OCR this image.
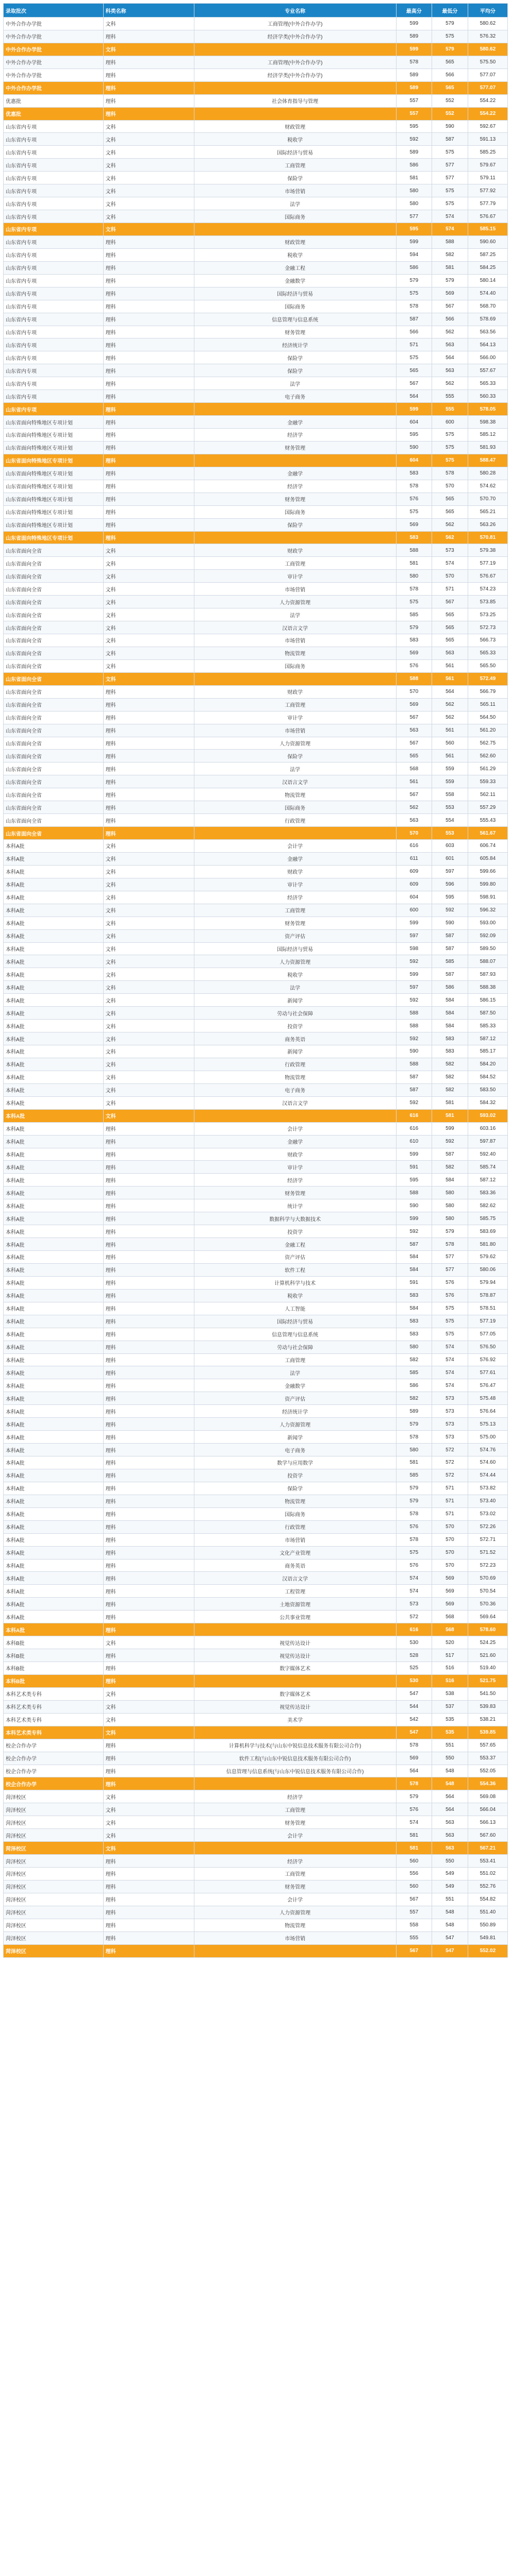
录取批次	科类名称	专业名称	最高分	最低分	平均分
中外合作办学批	文科	工商管理(中外合作办学)	599	579	580.62
中外合作办学批	理科	经济学类(中外合作办学)	589	575	576.32
中外合作办学批	文科		599	579	580.62
中外合作办学批	理科	工商管理(中外合作办学)	578	565	575.50
中外合作办学批	理科	经济学类(中外合作办学)	589	566	577.07
中外合作办学批	理科		589	565	577.07
优惠批	理科	社会体育指导与管理	557	552	554.22
优惠批	理科		557	552	554.22
山东省内专项	文科	财政管理	595	590	592.67
山东省内专项	文科	税收学	592	587	591.13
山东省内专项	文科	国际经济与贸易	589	575	585.25
山东省内专项	文科	工商管理	586	577	579.67
山东省内专项	文科	保险学	581	577	579.11
山东省内专项	文科	市场营销	580	575	577.92
山东省内专项	文科	法学	580	575	577.79
山东省内专项	文科	国际商务	577	574	576.67
山东省内专项	文科		595	574	585.15
山东省内专项	理科	财政管理	599	588	590.60
山东省内专项	理科	税收学	594	582	587.25
山东省内专项	理科	金融工程	586	581	584.25
山东省内专项	理科	金融数学	579	579	580.14
山东省内专项	理科	国际经济与贸易	575	569	574.40
山东省内专项	理科	国际商务	578	567	568.70
山东省内专项	理科	信息管理与信息系统	587	566	578.69
山东省内专项	理科	财务管理	566	562	563.56
山东省内专项	理科	经济统计学	571	563	564.13
山东省内专项	理科	保险学	575	564	566.00
山东省内专项	理科	保险学	565	563	557.67
山东省内专项	理科	法学	567	562	565.33
山东省内专项	理科	电子商务	564	555	560.33
山东省内专项	理科		599	555	578.05
山东省面向特殊地区专项计划	理科	金融学	604	600	598.38
山东省面向特殊地区专项计划	理科	经济学	595	575	585.12
山东省面向特殊地区专项计划	理科	财务管理	590	575	581.93
山东省面向特殊地区专项计划	理科		604	575	588.47
山东省面向特殊地区专项计划	理科	金融学	583	578	580.28
山东省面向特殊地区专项计划	理科	经济学	578	570	574.62
山东省面向特殊地区专项计划	理科	财务管理	576	565	570.70
山东省面向特殊地区专项计划	理科	国际商务	575	565	565.21
山东省面向特殊地区专项计划	理科	保险学	569	562	563.26
山东省面向特殊地区专项计划	理科		583	562	570.81
山东省面向全省	文科	财政学	588	573	579.38
山东省面向全省	文科	工商管理	581	574	577.19
山东省面向全省	文科	审计学	580	570	576.67
山东省面向全省	文科	市场营销	578	571	574.23
山东省面向全省	文科	人力资源管理	575	567	573.85
山东省面向全省	文科	法学	585	565	573.25
山东省面向全省	文科	汉语言文学	579	565	572.73
山东省面向全省	文科	市场营销	583	565	566.73
山东省面向全省	文科	物流管理	569	563	565.33
山东省面向全省	文科	国际商务	576	561	565.50
山东省面向全省	文科		588	561	572.49
山东省面向全省	理科	财政学	570	564	566.79
山东省面向全省	理科	工商管理	569	562	565.11
山东省面向全省	理科	审计学	567	562	564.50
山东省面向全省	理科	市场营销	563	561	561.20
山东省面向全省	理科	人力资源管理	567	560	562.75
山东省面向全省	理科	保险学	565	561	562.60
山东省面向全省	理科	法学	568	559	561.29
山东省面向全省	理科	汉语言文学	561	559	559.33
山东省面向全省	理科	物流管理	567	558	562.11
山东省面向全省	理科	国际商务	562	553	557.29
山东省面向全省	理科	行政管理	563	554	555.43
山东省面向全省	理科		570	553	561.67
本科A批	文科	会计学	616	603	606.74
本科A批	文科	金融学	611	601	605.84
本科A批	文科	财政学	609	597	599.66
本科A批	文科	审计学	609	596	599.80
本科A批	文科	经济学	604	595	598.91
本科A批	文科	工商管理	600	592	596.32
本科A批	文科	财务管理	599	590	593.00
本科A批	文科	资产评估	597	587	592.09
本科A批	文科	国际经济与贸易	598	587	589.50
本科A批	文科	人力资源管理	592	585	588.07
本科A批	文科	税收学	599	587	587.93
本科A批	文科	法学	597	586	588.38
本科A批	文科	新闻学	592	584	586.15
本科A批	文科	劳动与社会保障	588	584	587.50
本科A批	文科	投资学	588	584	585.33
本科A批	文科	商务英语	592	583	587.12
本科A批	文科	新闻学	590	583	585.17
本科A批	文科	行政管理	588	582	584.20
本科A批	文科	物流管理	587	582	584.52
本科A批	文科	电子商务	587	582	583.50
本科A批	文科	汉语言文学	592	581	584.32
本科A批	文科		616	581	593.02
本科A批	理科	会计学	616	599	603.16
本科A批	理科	金融学	610	592	597.87
本科A批	理科	财政学	599	587	592.40
本科A批	理科	审计学	591	582	585.74
本科A批	理科	经济学	595	584	587.12
本科A批	理科	财务管理	588	580	583.36
本科A批	理科	统计学	590	580	582.62
本科A批	理科	数据科学与大数据技术	599	580	585.75
本科A批	理科	投资学	592	579	583.69
本科A批	理科	金融工程	587	578	581.80
本科A批	理科	资产评估	584	577	579.62
本科A批	理科	软件工程	584	577	580.06
本科A批	理科	计算机科学与技术	591	576	579.94
本科A批	理科	税收学	583	576	578.87
本科A批	理科	人工智能	584	575	578.51
本科A批	理科	国际经济与贸易	583	575	577.19
本科A批	理科	信息管理与信息系统	583	575	577.05
本科A批	理科	劳动与社会保障	580	574	576.50
本科A批	理科	工商管理	582	574	576.92
本科A批	理科	法学	585	574	577.61
本科A批	理科	金融数学	586	574	576.47
本科A批	理科	资产评估	582	573	575.48
本科A批	理科	经济统计学	589	573	576.64
本科A批	理科	人力资源管理	579	573	575.13
本科A批	理科	新闻学	578	573	575.00
本科A批	理科	电子商务	580	572	574.76
本科A批	理科	数学与应用数学	581	572	574.60
本科A批	理科	投资学	585	572	574.44
本科A批	理科	保险学	579	571	573.82
本科A批	理科	物流管理	579	571	573.40
本科A批	理科	国际商务	578	571	573.02
本科A批	理科	行政管理	576	570	572.26
本科A批	理科	市场营销	578	570	572.71
本科A批	理科	文化产业管理	575	570	571.52
本科A批	理科	商务英语	576	570	572.23
本科A批	理科	汉语言文学	574	569	570.69
本科A批	理科	工程管理	574	569	570.54
本科A批	理科	土地资源管理	573	569	570.36
本科A批	理科	公共事业管理	572	568	569.64
本科A批	理科		616	568	578.60
本科B批	文科	视觉传达设计	530	520	524.25
本科B批	理科	视觉传达设计	528	517	521.60
本科B批	理科	数字媒体艺术	525	516	519.40
本科B批	理科		530	516	521.75
本科艺术类专科	文科	数字媒体艺术	547	538	541.50
本科艺术类专科	文科	视觉传达设计	544	537	539.83
本科艺术类专科	文科	美术学	542	535	538.21
本科艺术类专科	文科		547	535	539.85
校企合作办学	理科	计算机科学与技术(与山东中锐信息技术服务有限公司合作)	578	551	557.65
校企合作办学	理科	软件工程(与山东中锐信息技术服务有限公司合作)	569	550	553.37
校企合作办学	理科	信息管理与信息系统(与山东中锐信息技术服务有限公司合作)	564	548	552.05
校企合作办学	理科		578	548	554.36
菏泽校区	文科	经济学	579	564	569.08
菏泽校区	文科	工商管理	576	564	566.04
菏泽校区	文科	财务管理	574	563	566.13
菏泽校区	文科	会计学	581	563	567.60
菏泽校区	文科		581	563	567.21
菏泽校区	理科	经济学	560	550	553.41
菏泽校区	理科	工商管理	556	549	551.02
菏泽校区	理科	财务管理	560	549	552.76
菏泽校区	理科	会计学	567	551	554.82
菏泽校区	理科	人力资源管理	557	548	551.40
菏泽校区	理科	物流管理	558	548	550.89
菏泽校区	理科	市场营销	555	547	549.81
菏泽校区	理科		567	547	552.02
